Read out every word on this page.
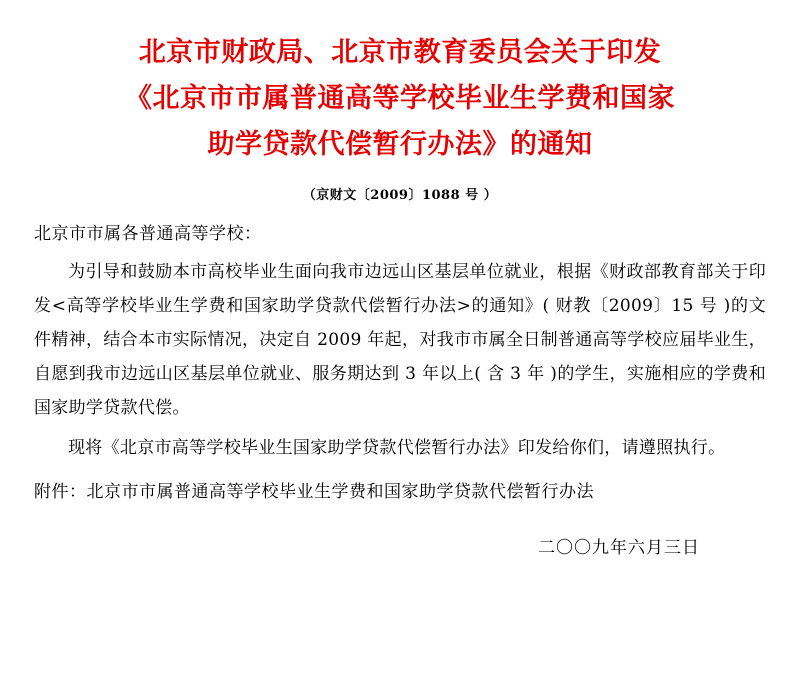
北京市财政局、北京市教育委员会关于印发
《北京市市属普通高等学校毕业生学费和国家
助学贷款代偿暂行办法》的通知
（京财文〔2009〕1088 号 ）
北京市市属各普通高等学校：
为引导和鼓励本市高校毕业生面向我市边远山区基层单位就业，根据《财政部教育部关于印发<高等学校毕业生学费和国家助学贷款代偿暂行办法>的通知》( 财教〔2009〕15 号 )的文件精神，结合本市实际情况，决定自 2009 年起，对我市市属全日制普通高等学校应届毕业生，自愿到我市边远山区基层单位就业、服务期达到 3 年以上( 含 3 年 )的学生，实施相应的学费和国家助学贷款代偿。
现将《北京市高等学校毕业生国家助学贷款代偿暂行办法》印发给你们，请遵照执行。
附件：北京市市属普通高等学校毕业生学费和国家助学贷款代偿暂行办法
二〇〇九年六月三日
